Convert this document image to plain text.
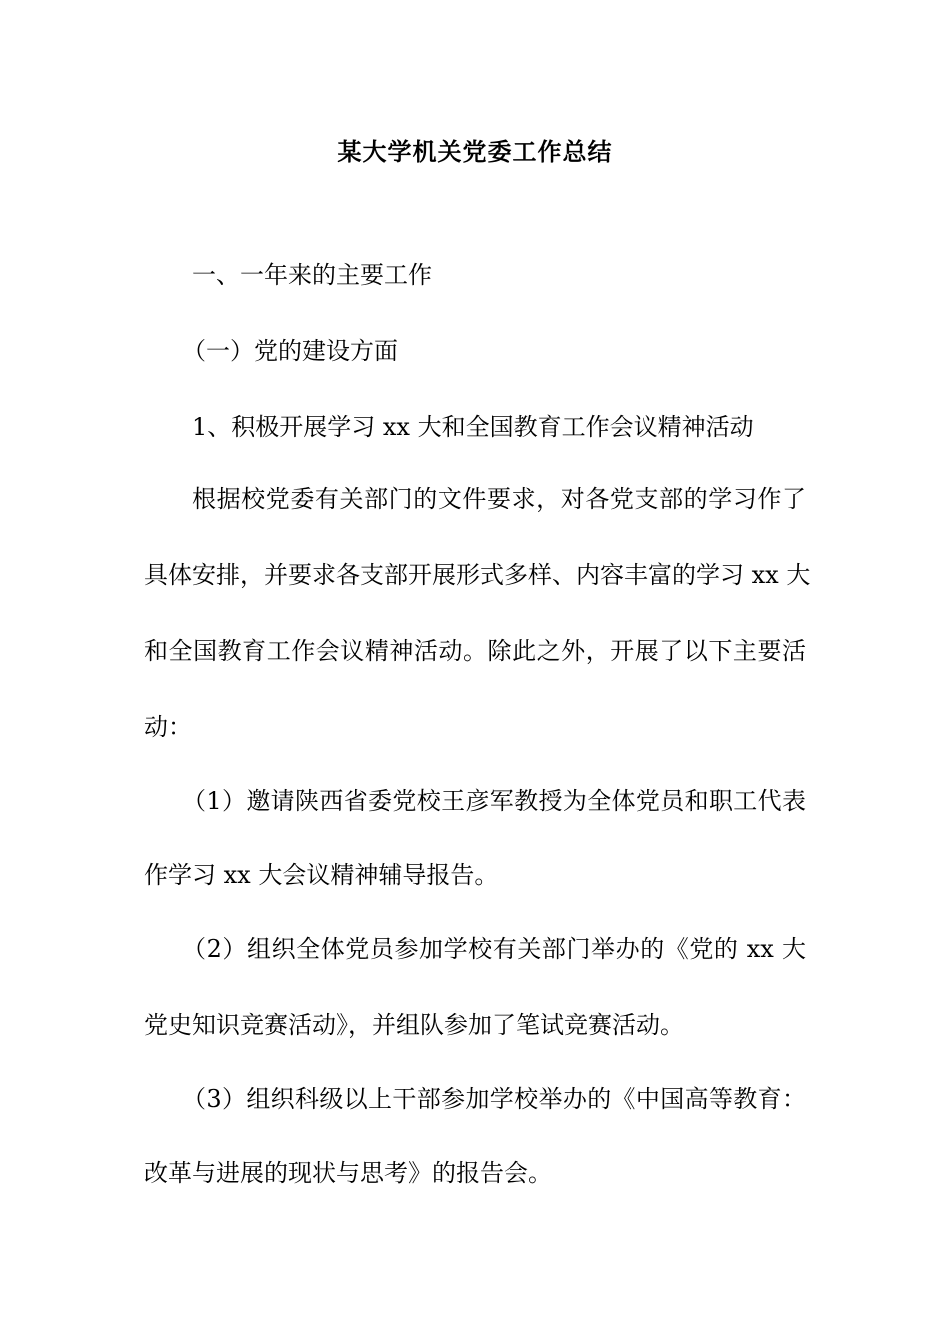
某大学机关党委工作总结
一、一年来的主要工作
（一）党的建设方面
1、积极开展学习 xx 大和全国教育工作会议精神活动
根据校党委有关部门的文件要求，对各党支部的学习作了
具体安排，并要求各支部开展形式多样、内容丰富的学习 xx 大
和全国教育工作会议精神活动。除此之外，开展了以下主要活
动：
（1）邀请陕西省委党校王彦军教授为全体党员和职工代表
作学习 xx 大会议精神辅导报告。
（2）组织全体党员参加学校有关部门举办的《党的 xx 大
党史知识竞赛活动》，并组队参加了笔试竞赛活动。
（3）组织科级以上干部参加学校举办的《中国高等教育：
改革与进展的现状与思考》的报告会。
